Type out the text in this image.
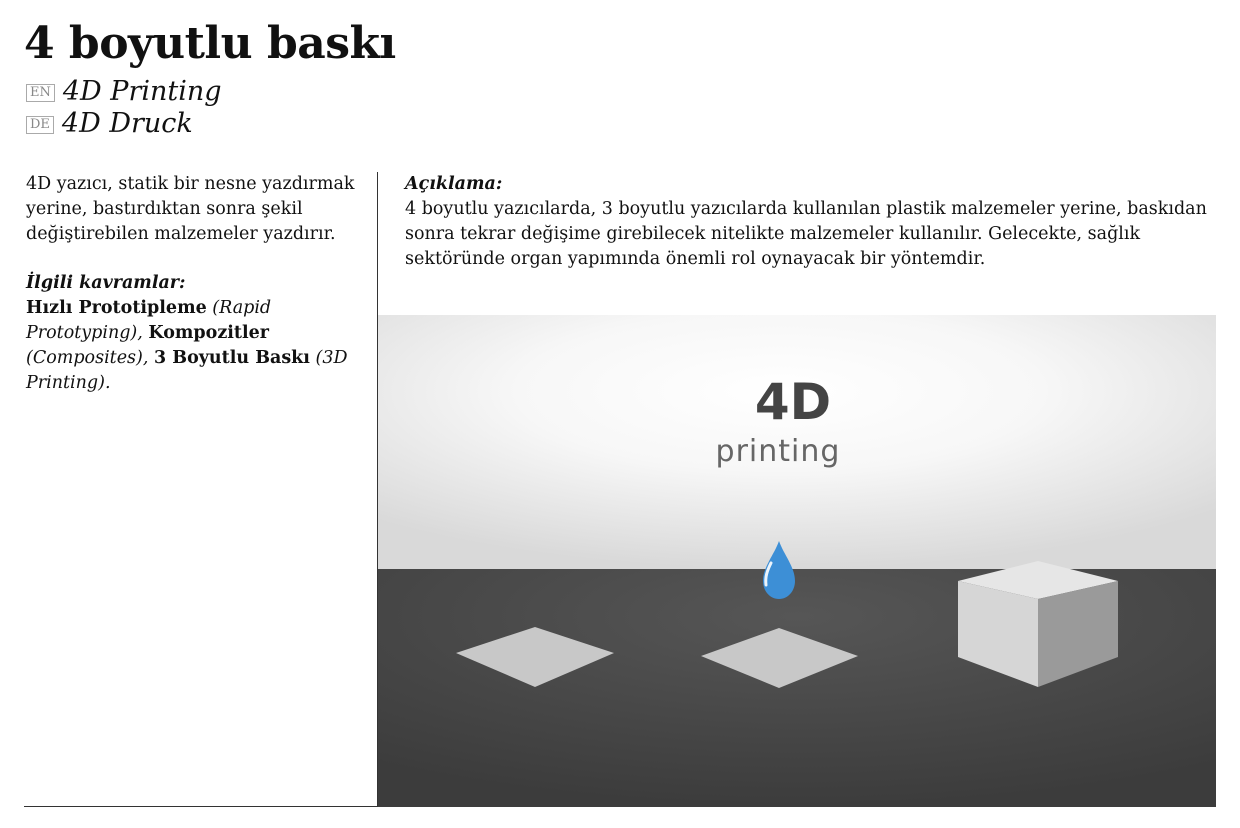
4 boyutlu baskı
EN 4D Printing
DE 4D Druck

4D yazıcı, statik bir nesne yazdırmak yerine, bastırdıktan sonra şekil değiştirebilen malzemeler yazdırır.

İlgili kavramlar:
Hızlı Prototipleme (Rapid Prototyping), Kompozitler (Composites), 3 Boyutlu Baskı (3D Printing).
Açıklama:

4 boyutlu yazıcılarda, 3 boyutlu yazıcılarda kullanılan plastik malzemeler yerine, baskıdan sonra tekrar değişime girebilecek nitelikte malzemeler kullanılır. Gelecekte, sağlık sektöründe organ yapımında önemli rol oynayacak bir yöntemdir.

4D
printing
